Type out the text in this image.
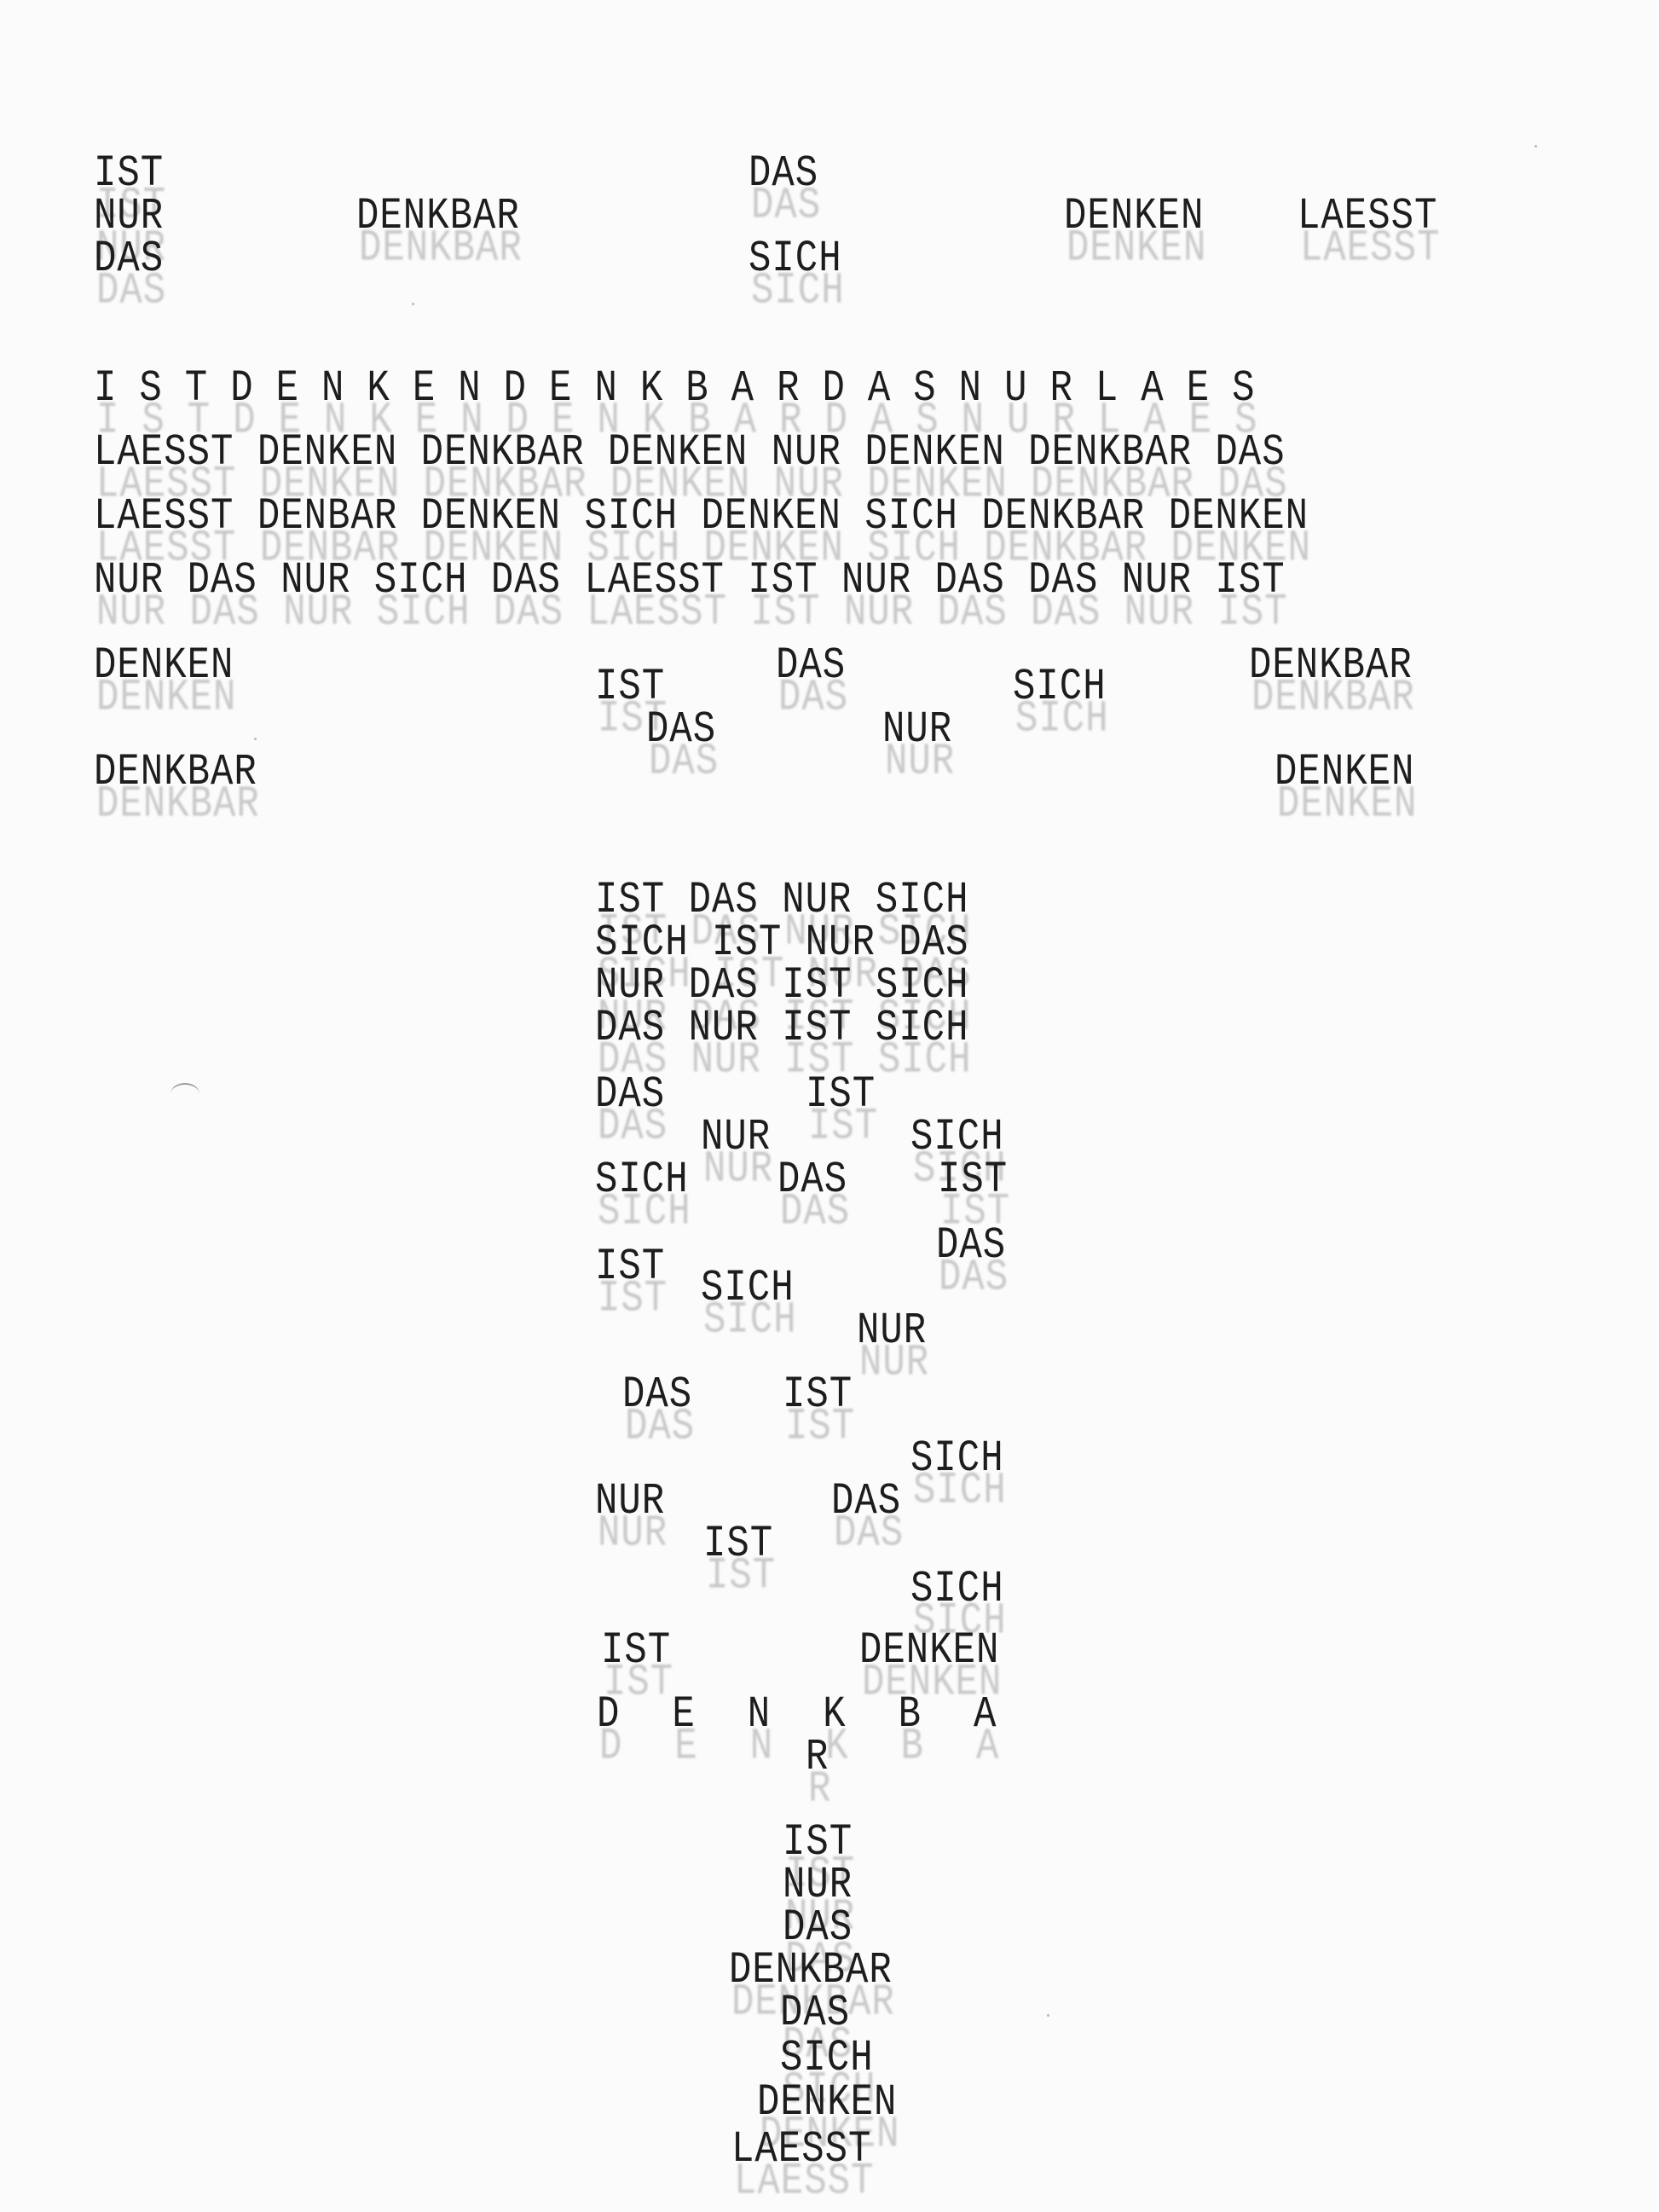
IST
NUR
DAS
DENKBAR
DAS
SICH
DENKEN LAESST
ISTDENKENDENKBARDASNURLAES
LAESST DENKEN DENKBAR DENKEN NUR DENKEN DENKBAR DAS
LAESST DENBAR DENKEN SICH DENKEN SICH DENKBAR DENKEN
NUR DAS NUR SICH DAS LAESST IST NUR DAS DAS NUR IST
DENKEN	IST	DAS	SICH	DENKBAR
DAS	NUR
DENKBAR	DENKEN
IST DAS NUR SICH
SICH IST NUR DAS
NUR DAS IST SICH
DAS NUR IST SICH
DAS	IST
NUR	SICH
SICH DAS IST
DAS
IST SICH
NUR
DAS IST
SICH
NUR	DAS
IST
SICH
IST	DENKEN
DENKBA
R
IST
NUR
DAS
DENKBAR
DAS
SICH
DENKEN
LAESST
